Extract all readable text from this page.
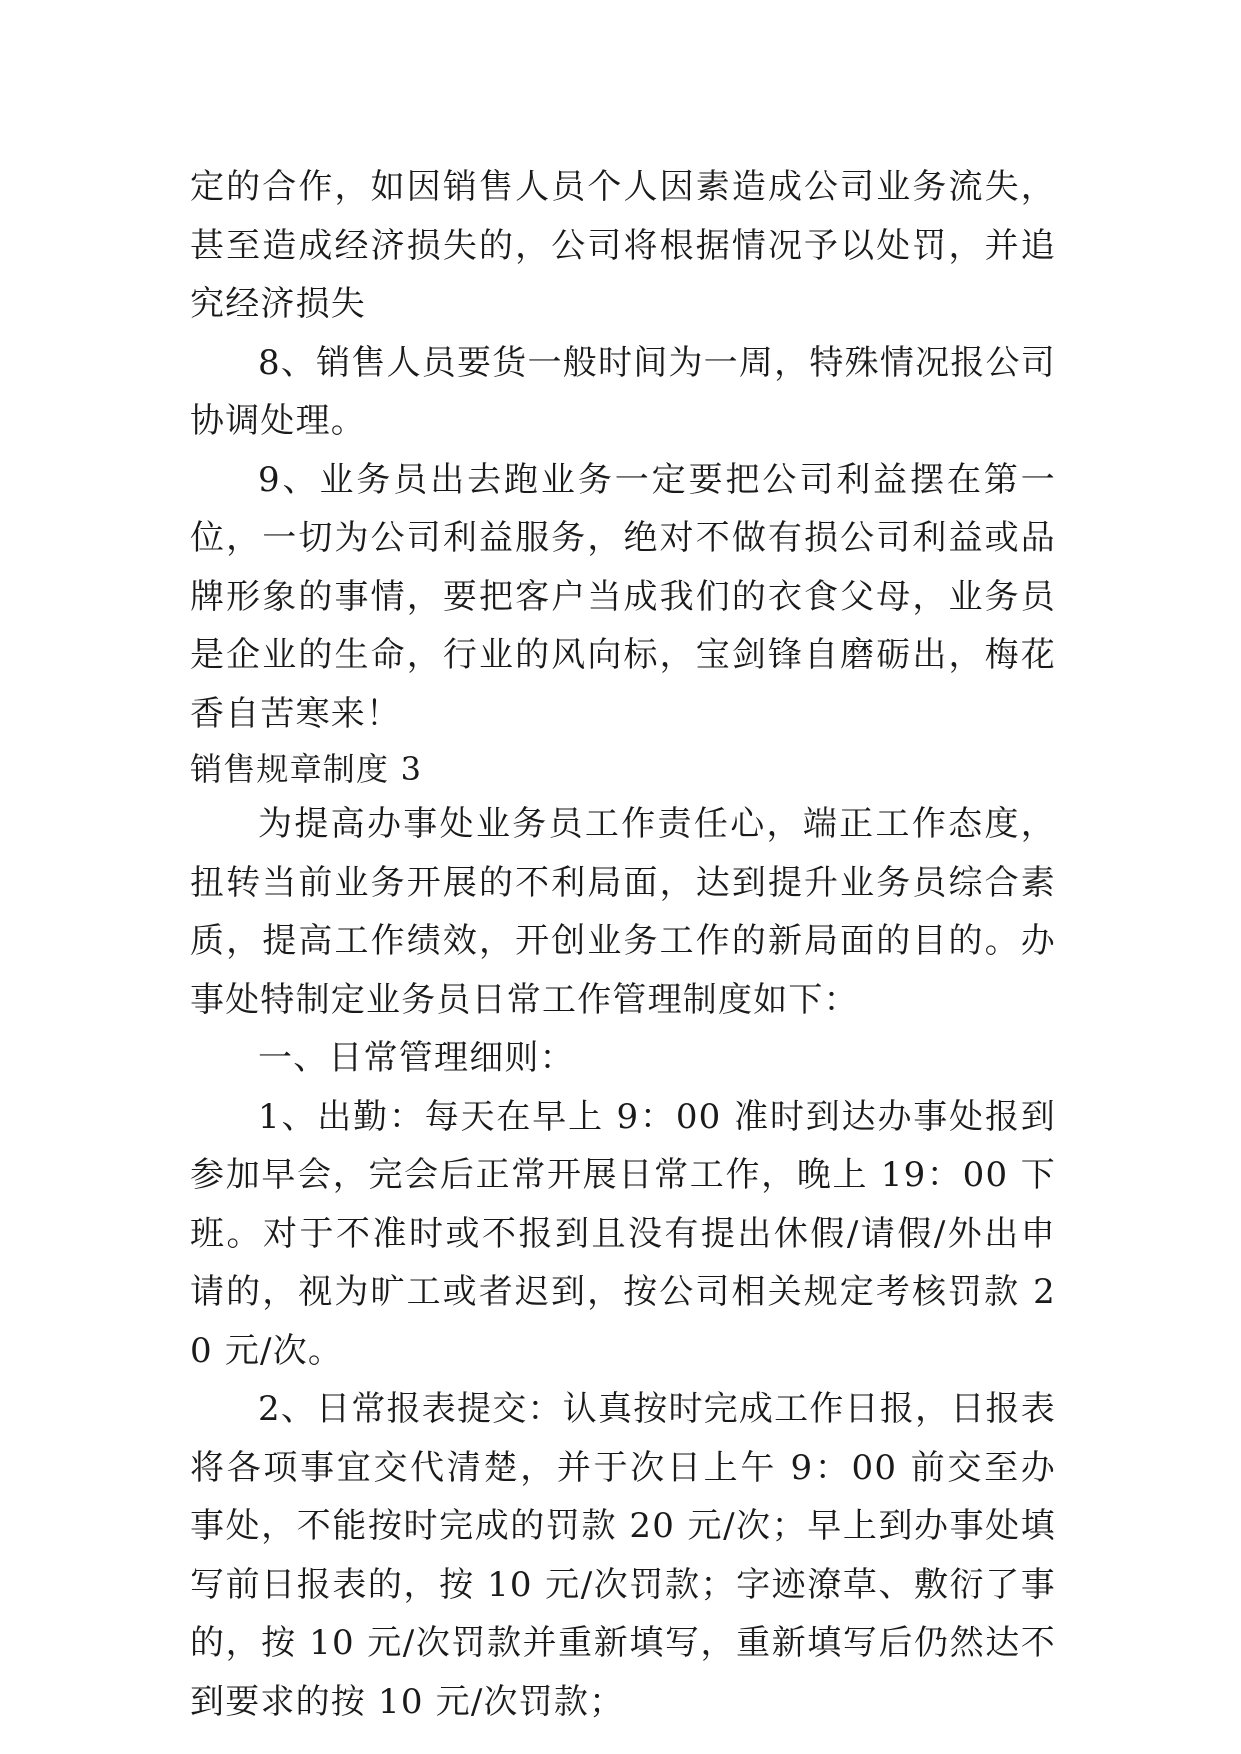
定的合作，如因销售人员个人因素造成公司业务流失，甚至造成经济损失的，公司将根据情况予以处罚，并追究经济损失

8、销售人员要货一般时间为一周，特殊情况报公司协调处理。

9、业务员出去跑业务一定要把公司利益摆在第一位，一切为公司利益服务，绝对不做有损公司利益或品牌形象的事情，要把客户当成我们的衣食父母，业务员是企业的生命，行业的风向标，宝剑锋自磨砺出，梅花香自苦寒来！

销售规章制度 3

为提高办事处业务员工作责任心，端正工作态度，扭转当前业务开展的不利局面，达到提升业务员综合素质，提高工作绩效，开创业务工作的新局面的目的。办事处特制定业务员日常工作管理制度如下：

一、日常管理细则：

1、出勤：每天在早上 9：00 准时到达办事处报到参加早会，完会后正常开展日常工作，晚上 19：00 下班。对于不准时或不报到且没有提出休假/请假/外出申请的，视为旷工或者迟到，按公司相关规定考核罚款 20 元/次。

2、日常报表提交：认真按时完成工作日报，日报表将各项事宜交代清楚，并于次日上午 9：00 前交至办事处，不能按时完成的罚款 20 元/次；早上到办事处填写前日报表的，按 10 元/次罚款；字迹潦草、敷衍了事的，按 10 元/次罚款并重新填写，重新填写后仍然达不到要求的按 10 元/次罚款；
